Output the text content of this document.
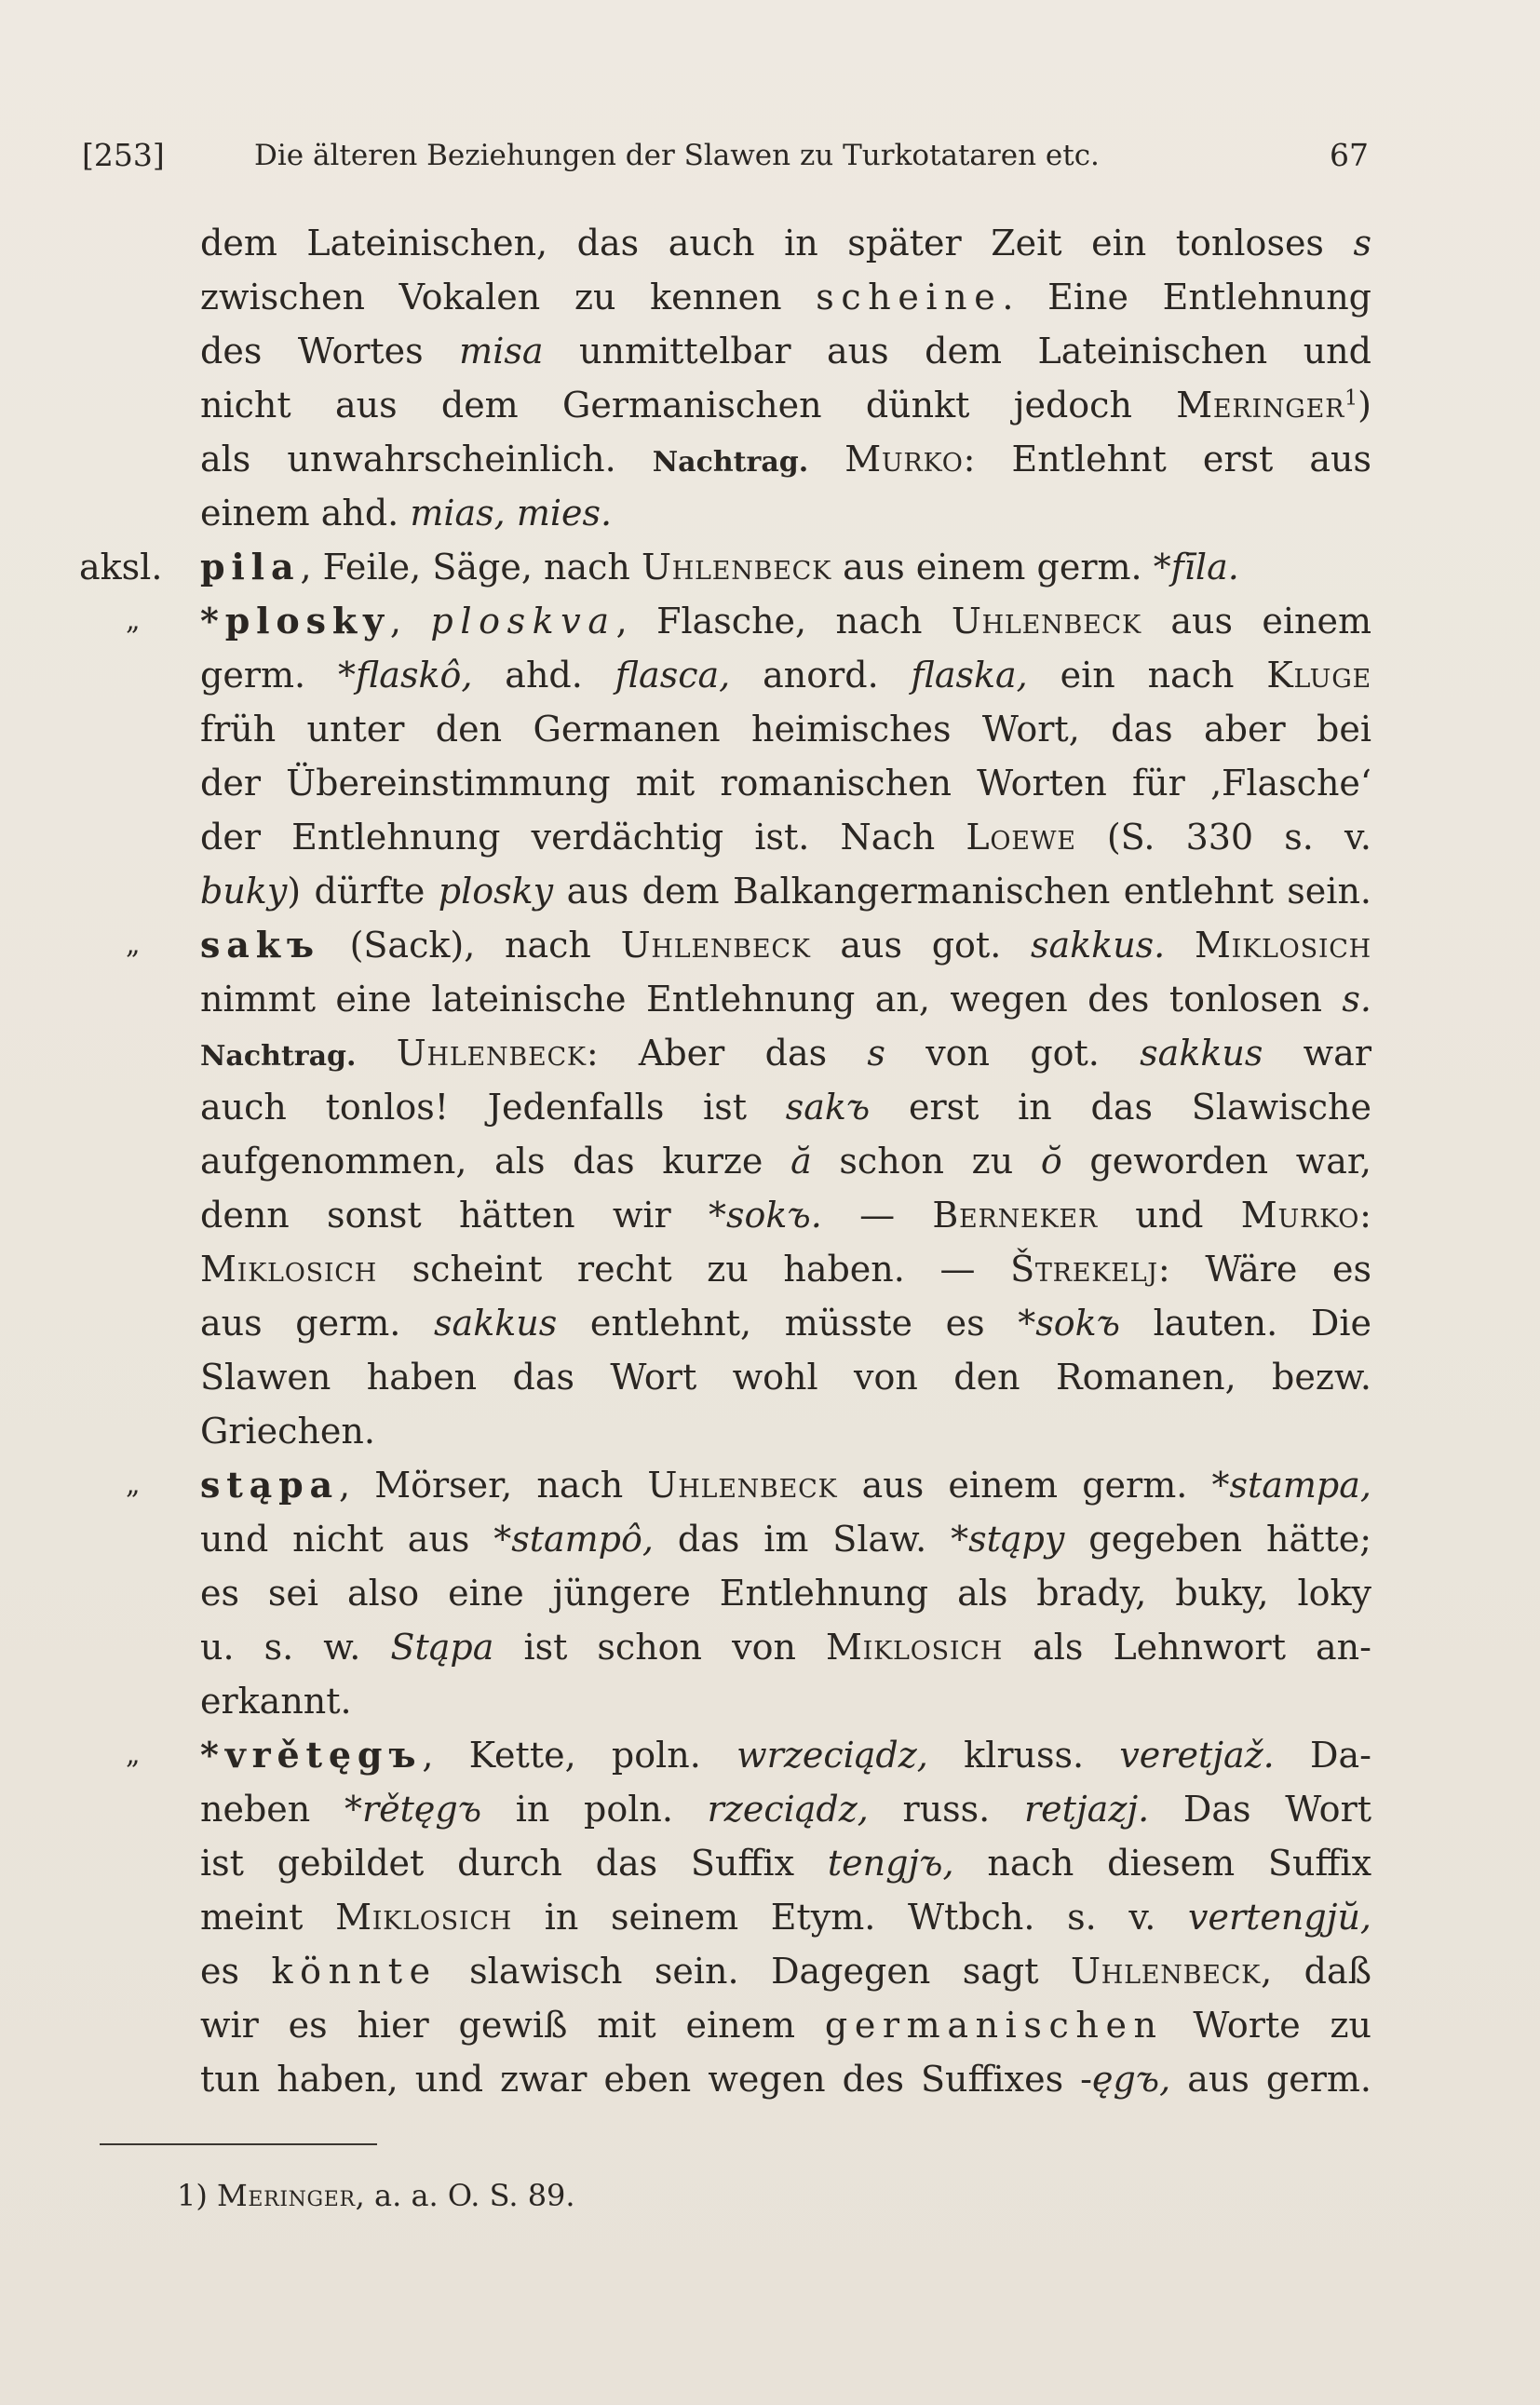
[253]	Die älteren Beziehungen der Slawen zu Turkotataren etc.	67
dem Lateinischen, das auch in später Zeit ein tonloses s
zwischen Vokalen zu kennen scheine. Eine Entlehnung
des Wortes misa unmittelbar aus dem Lateinischen und
nicht aus dem Germanischen dünkt jedoch Meringer$^1$)
als unwahrscheinlich. Nachtrag. Murko: Entlehnt erst aus
einem ahd. mias, mies.
aksl. pila, Feile, Säge, nach Uhlenbeck aus einem germ. *fīla.
„ *plosky, ploskva, Flasche, nach Uhlenbeck aus einem
germ. *flaskô, ahd. flasca, anord. flaska, ein nach Kluge
früh unter den Germanen heimisches Wort, das aber bei
der Übereinstimmung mit romanischen Worten für ‚Flasche‘
der Entlehnung verdächtig ist. Nach Loewe (S. 330 s. v.
buky) dürfte plosky aus dem Balkangermanischen entlehnt sein.
„ sakъ (Sack), nach Uhlenbeck aus got. sakkus. Miklosich
nimmt eine lateinische Entlehnung an, wegen des tonlosen s.
Nachtrag. Uhlenbeck: Aber das s von got. sakkus war
auch tonlos! Jedenfalls ist sakъ erst in das Slawische
aufgenommen, als das kurze ă schon zu ŏ geworden war,
denn sonst hätten wir *sokъ. — Berneker und Murko:
Miklosich scheint recht zu haben. — Štrekelj: Wäre es
aus germ. sakkus entlehnt, müsste es *sokъ lauten. Die
Slawen haben das Wort wohl von den Romanen, bezw.
Griechen.
„ stąpa, Mörser, nach Uhlenbeck aus einem germ. *stampa,
und nicht aus *stampô, das im Slaw. *stąpy gegeben hätte;
es sei also eine jüngere Entlehnung als brady, buky, loky
u. s. w. Stąpa ist schon von Miklosich als Lehnwort an-
erkannt.
„ *vrětęgъ, Kette, poln. wrzeciądz, klruss. veretjaž. Da-
neben *rětęgъ in poln. rzeciądz, russ. retjazj. Das Wort
ist gebildet durch das Suffix tengjъ, nach diesem Suffix
meint Miklosich in seinem Etym. Wtbch. s. v. vertengjŭ,
es könnte slawisch sein. Dagegen sagt Uhlenbeck, daß
wir es hier gewiß mit einem germanischen Worte zu
tun haben, und zwar eben wegen des Suffixes -ęgъ, aus germ.
1) Meringer, a. a. O. S. 89.
